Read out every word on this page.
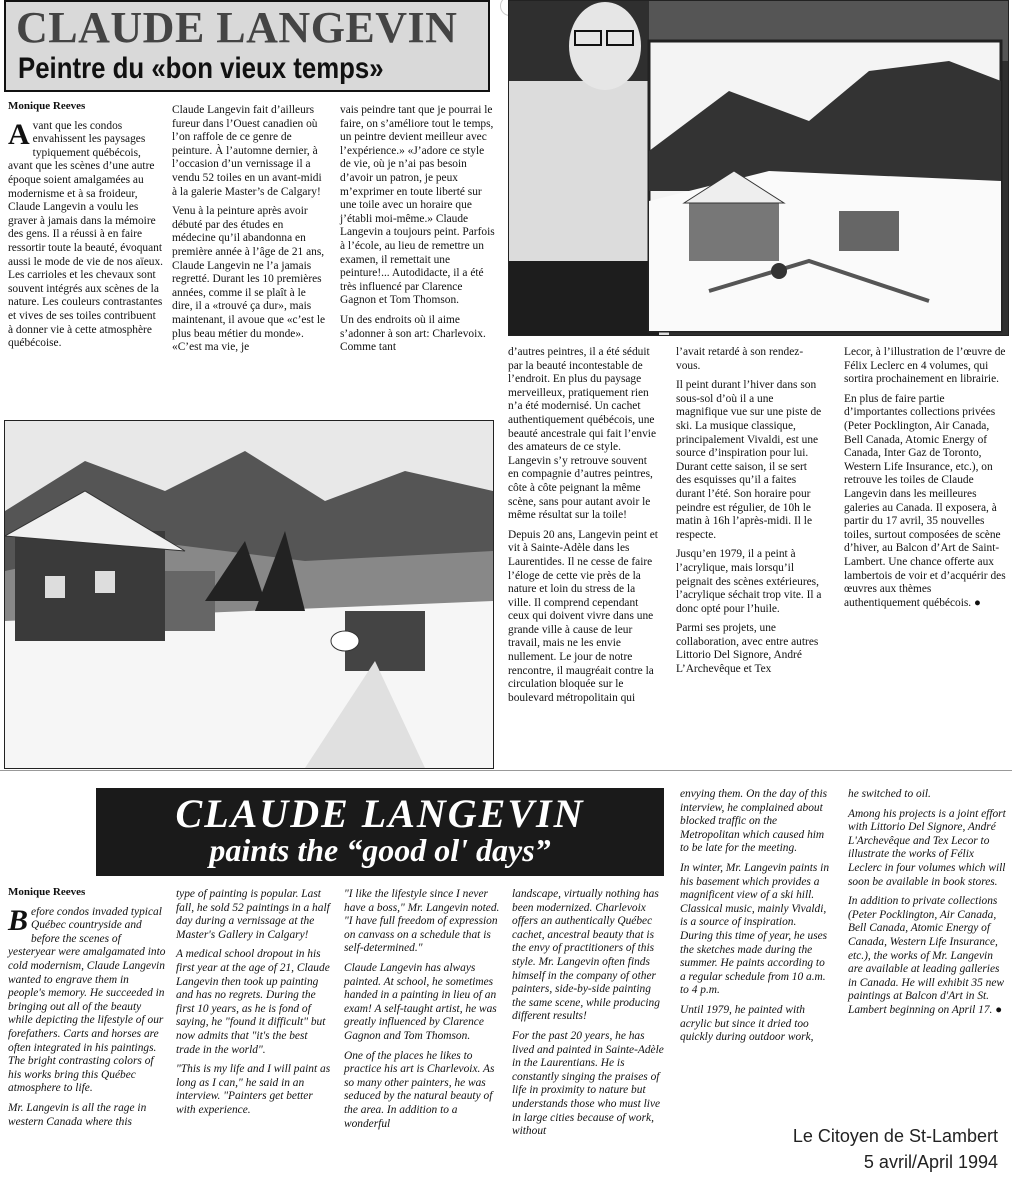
CLAUDE LANGEVIN
Peintre du «bon vieux temps»
Monique Reeves

Avant que les condos envahissent les paysages typiquement québécois, avant que les scènes d’une autre époque soient amalgamées au modernisme et à sa froideur, Claude Langevin a voulu les graver à jamais dans la mémoire des gens. Il a réussi à en faire ressortir toute la beauté, évoquant aussi le mode de vie de nos aïeux. Les carrioles et les chevaux sont souvent intégrés aux scènes de la nature. Les couleurs contrastantes et vives de ses toiles contribuent à donner vie à cette atmosphère québécoise.

Claude Langevin fait d’ailleurs fureur dans l’Ouest canadien où l’on raffole de ce genre de peinture. À l’automne dernier, à l’occasion d’un vernissage il a vendu 52 toiles en un avant-midi à la galerie Master’s de Calgary!

Venu à la peinture après avoir débuté par des études en médecine qu’il abandonna en première année à l’âge de 21 ans, Claude Langevin ne l’a jamais regretté. Durant les 10 premières années, comme il se plaît à le dire, il a «trouvé ça dur», mais maintenant, il avoue que «c’est le plus beau métier du monde». «C’est ma vie, je

vais peindre tant que je pourrai le faire, on s’améliore tout le temps, un peintre devient meilleur avec l’expérience.» «J’adore ce style de vie, où je n’ai pas besoin d’avoir un patron, je peux m’exprimer en toute liberté sur une toile avec un horaire que j’établi moi-même.» Claude Langevin a toujours peint. Parfois à l’école, au lieu de remettre un examen, il remettait une peinture!... Autodidacte, il a été très influencé par Clarence Gagnon et Tom Thomson.

Un des endroits où il aime s’adonner à son art: Charlevoix. Comme tant	d’autres peintres, il a été séduit par la beauté incontestable de l’endroit. En plus du paysage merveilleux, pratiquement rien n’a été modernisé. Un cachet authentiquement québécois, une beauté ancestrale qui fait l’envie des amateurs de ce style. Langevin s’y retrouve souvent en compagnie d’autres peintres, côte à côte peignant la même scène, sans pour autant avoir le même résultat sur la toile!

Depuis 20 ans, Langevin peint et vit à Sainte-Adèle dans les Laurentides. Il ne cesse de faire l’éloge de cette vie près de la nature et loin du stress de la ville. Il comprend cependant ceux qui doivent vivre dans une grande ville à cause de leur travail, mais ne les envie nullement. Le jour de notre rencontre, il maugréait contre la circulation bloquée sur le boulevard métropolitain qui

l’avait retardé à son rendez-vous.

Il peint durant l’hiver dans son sous-sol d’où il a une magnifique vue sur une piste de ski. La musique classique, principalement Vivaldi, est une source d’inspiration pour lui. Durant cette saison, il se sert des esquisses qu’il a faites durant l’été. Son horaire pour peindre est régulier, de 10h le matin à 16h l’après-midi. Il le respecte.

Jusqu’en 1979, il a peint à l’acrylique, mais lorsqu’il peignait des scènes extérieures, l’acrylique séchait trop vite. Il a donc opté pour l’huile.

Parmi ses projets, une collaboration, avec entre autres Littorio Del Signore, André L’Archevêque et Tex

Lecor, à l’illustration de l’œuvre de Félix Leclerc en 4 volumes, qui sortira prochainement en librairie.

En plus de faire partie d’importantes collections privées (Peter Pocklington, Air Canada, Bell Canada, Atomic Energy of Canada, Inter Gaz de Toronto, Western Life Insurance, etc.), on retrouve les toiles de Claude Langevin dans les meilleures galeries au Canada. Il exposera, à partir du 17 avril, 35 nouvelles toiles, surtout composées de scène d’hiver, au Balcon d’Art de Saint-Lambert. Une chance offerte aux lambertois de voir et d’acquérir des œuvres aux thèmes authentiquement québécois. ●

CLAUDE LANGEVIN
paints the “good ol' days”
Monique Reeves

Before condos invaded typical Québec countryside and before the scenes of yesteryear were amalgamated into cold modernism, Claude Langevin wanted to engrave them in people's memory. He succeeded in bringing out all of the beauty while depicting the lifestyle of our forefathers. Carts and horses are often integrated in his paintings. The bright contrasting colors of his works bring this Québec atmosphere to life.

Mr. Langevin is all the rage in western Canada where this

type of painting is popular. Last fall, he sold 52 paintings in a half day during a vernissage at the Master's Gallery in Calgary!

A medical school dropout in his first year at the age of 21, Claude Langevin then took up painting and has no regrets. During the first 10 years, as he is fond of saying, he "found it difficult" but now admits that "it's the best trade in the world".

"This is my life and I will paint as long as I can," he said in an interview. "Painters get better with experience.

"I like the lifestyle since I never have a boss," Mr. Langevin noted. "I have full freedom of expression on canvass on a schedule that is self-determined."

Claude Langevin has always painted. At school, he sometimes handed in a painting in lieu of an exam! A self-taught artist, he was greatly influenced by Clarence Gagnon and Tom Thomson.

One of the places he likes to practice his art is Charlevoix. As so many other painters, he was seduced by the natural beauty of the area. In addition to a wonderful

landscape, virtually nothing has been modernized. Charlevoix offers an authentically Québec cachet, ancestral beauty that is the envy of practitioners of this style. Mr. Langevin often finds himself in the company of other painters, side-by-side painting the same scene, while producing different results!

For the past 20 years, he has lived and painted in Sainte-Adèle in the Laurentians. He is constantly singing the praises of life in proximity to nature but understands those who must live in large cities because of work, without

envying them. On the day of this interview, he complained about blocked traffic on the Metropolitan which caused him to be late for the meeting.

In winter, Mr. Langevin paints in his basement which provides a magnificent view of a ski hill. Classical music, mainly Vivaldi, is a source of inspiration. During this time of year, he uses the sketches made during the summer. He paints according to a regular schedule from 10 a.m. to 4 p.m.

Until 1979, he painted with acrylic but since it dried too quickly during outdoor work,

he switched to oil.

Among his projects is a joint effort with Littorio Del Signore, André L'Archevêque and Tex Lecor to illustrate the works of Félix Leclerc in four volumes which will soon be available in book stores.

In addition to private collections (Peter Pocklington, Air Canada, Bell Canada, Atomic Energy of Canada, Western Life Insurance, etc.), the works of Mr. Langevin are available at leading galleries in Canada. He will exhibit 35 new paintings at Balcon d'Art in St. Lambert beginning on April 17. ●

Le Citoyen de St-Lambert
5 avril/April 1994
